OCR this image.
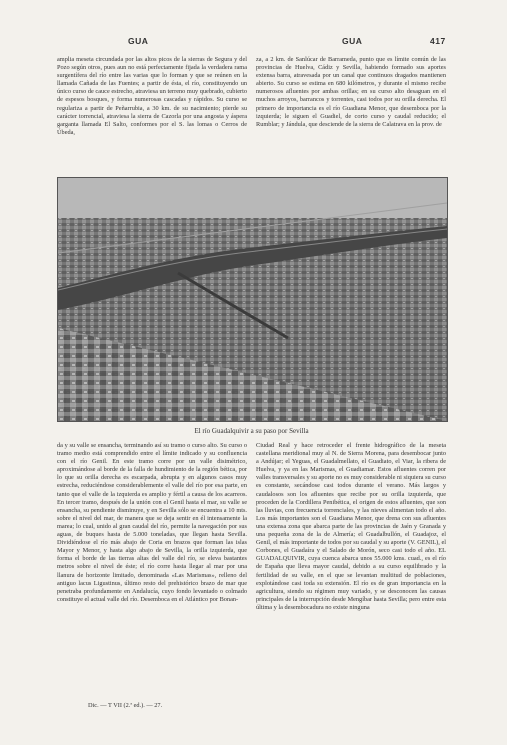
GUA	GUA	417

amplia meseta circundada por las altos picos de la sierras de Segura y del Pozo según otros, pues aun no está perfectamente fijada la verdadera rama surgentífera del río entre las varias que lo forman y que se reúnen en la llamada Cañada de las Fuentes; a partir de ésta, el río, constituyendo un único curso de cauce estrecho, atraviesa un terreno muy quebrado, cubierto de espesos bosques, y forma numerosas cascadas y rápidos. Su curso se regulariza a partir de Peñarrubia, a 30 km. de su nacimiento; pierde su carácter torrencial, atraviesa la sierra de Cazorla por una angosta y áspera garganta llamada El Salto, conformes por el S. las lomas o Cerros de Úbeda,

za, a 2 km. de Sanlúcar de Barrameda, punto que es límite común de las provincias de Huelva, Cádiz y Sevilla, habiendo formado sus aportes extensa barra, atravesada por un canal que continuos dragados mantienen abierto. Su curso se estima en 680 kilómetros, y durante el mismo recibe numerosos afluentes por ambas orillas; en su curso alto desaguan en el muchos arroyos, barrancos y torrentes, casi todos por su orilla derecha. El primero de importancia es el río Guadiana Menor, que desemboca por la izquierda; le siguen el Guadiel, de corto curso y caudal reducido; el Rumblar; y Jándula, que desciende de la sierra de Calatrava en la prov. de

El río Guadalquivir a su paso por Sevilla

da y su valle se ensancha, terminando así su tramo o curso alto. Su curso o tramo medio está comprendido entre el límite indicado y su confluencia con el río Genil. En este tramo corre por un valle disimétrico, aproximándose al borde de la falla de hundimiento de la región bética, por lo que su orilla derecha es escarpada, abrupta y en algunos casos muy estrecha, reduciéndose considerablemente el valle del río por esa parte, en tanto que el valle de la izquierda es amplio y fértil a causa de los acarreos. En tercer tramo, después de la unión con el Genil hasta el mar, su valle se ensancha, su pendiente disminuye, y en Sevilla sólo se encuentra a 10 mts. sobre el nivel del mar, de manera que se deja sentir en él intensamente la marea; lo cual, unido al gran caudal del río, permite la navegación por sus aguas, de buques hasta de 5.000 toneladas, que llegan hasta Sevilla. Dividiéndose el río más abajo de Coria en brazos que forman las islas Mayor y Menor, y hasta algo abajo de Sevilla, la orilla izquierda, que forma el borde de las tierras altas del valle del río, se eleva bastantes metros sobre el nivel de éste; el río corre hasta llegar al mar por una llanura de horizonte limitado, denominada «Las Marismas», relleno del antiguo lacus Ligustinus, último resto del prehistórico brazo de mar que penetraba profundamente en Andalucía, cuyo fondo levantado o colmado constituye el actual valle del río. Desemboca en el Atlántico por Bonan-

Ciudad Real y hace retroceder el frente hidrográfico de la meseta castellana meridional muy al N. de Sierra Morena, para desembocar junto a Andújar; el Yeguas, el Guadalmellato, el Guadiato, el Viar, la ribera de Huelva, y ya en las Marismas, el Guadiamar. Estos afluentes corren por valles transversales y su aporte no es muy considerable ni siquiera su curso es constante, secándose casi todos durante el verano. Más largos y caudalosos son los afluentes que recibe por su orilla izquierda, que proceden de la Cordillera Penibética, el origen de estos afluentes, que son las lluvias, con frecuencia torrenciales, y las nieves alimentan todo el año. Los más importantes son el Guadiana Menor, que drena con sus afluentes una extensa zona que abarca parte de las provincias de Jaén y Granada y una pequeña zona de la de Almería; el Guadalbullón, el Guadajoz, el Genil, el más importante de todos por su caudal y su aporte (V. GENIL), el Corbones, el Guadaíra y el Salado de Morón, seco casi todo el año. EL GUADALQUIVIR, cuya cuenca abarca unos 55.000 kms. cuad., es el río de España que lleva mayor caudal, debido a su curso equilibrado y la fertilidad de su valle, en el que se levantan multitud de poblaciones, explotándose casi toda su extensión. El río es de gran importancia en la agricultura, siendo su régimen muy variado, y se desconocen las causas principales de la interrupción desde Mengíbar hasta Sevilla; pero entre esta última y la desembocadura no existe ninguna

Dic. — T VII (2.ª ed.). — 27.
